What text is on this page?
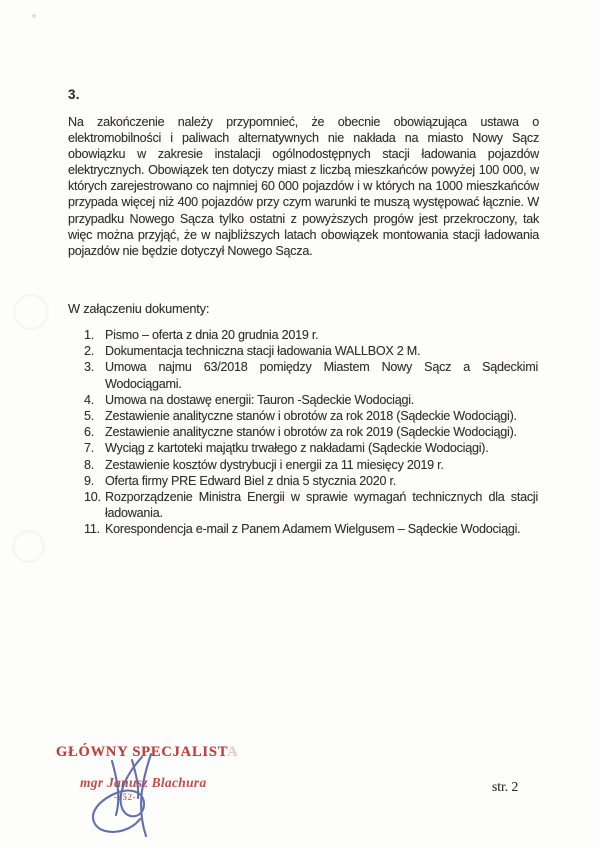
+
3.
Na zakończenie należy przypomnieć, że obecnie obowiązująca ustawa o elektromobilności i paliwach alternatywnych nie nakłada na miasto Nowy Sącz obowiązku w zakresie instalacji ogólnodostępnych stacji ładowania pojazdów elektrycznych. Obowiązek ten dotyczy miast z liczbą mieszkańców powyżej 100 000, w których zarejestrowano co najmniej 60 000 pojazdów i w których na 1000 mieszkańców przypada więcej niż 400 pojazdów przy czym warunki te muszą występować łącznie. W przypadku Nowego Sącza tylko ostatni z powyższych progów jest przekroczony, tak więc można przyjąć, że w najbliższych latach obowiązek montowania stacji ładowania pojazdów nie będzie dotyczył Nowego Sącza.
W załączeniu dokumenty:
1. Pismo – oferta z dnia 20 grudnia 2019 r.
2. Dokumentacja techniczna stacji ładowania WALLBOX 2 M.
3. Umowa najmu 63/2018 pomiędzy Miastem Nowy Sącz a Sądeckimi Wodociągami.
4. Umowa na dostawę energii: Tauron -Sądeckie Wodociągi.
5. Zestawienie analityczne stanów i obrotów za rok 2018 (Sądeckie Wodociągi).
6. Zestawienie analityczne stanów i obrotów za rok 2019 (Sądeckie Wodociągi).
7. Wyciąg z kartoteki majątku trwałego z nakładami (Sądeckie Wodociągi).
8. Zestawienie kosztów dystrybucji i energii za 11 miesięcy 2019 r.
9. Oferta firmy PRE Edward Biel z dnia 5 stycznia 2020 r.
10. Rozporządzenie Ministra Energii w sprawie wymagań technicznych dla stacji ładowania.
11. Korespondencja e-mail z Panem Adamem Wielgusem – Sądeckie Wodociągi.
GŁÓWNY SPECJALISTA
mgr Janusz Blachura
-852-
str. 2
